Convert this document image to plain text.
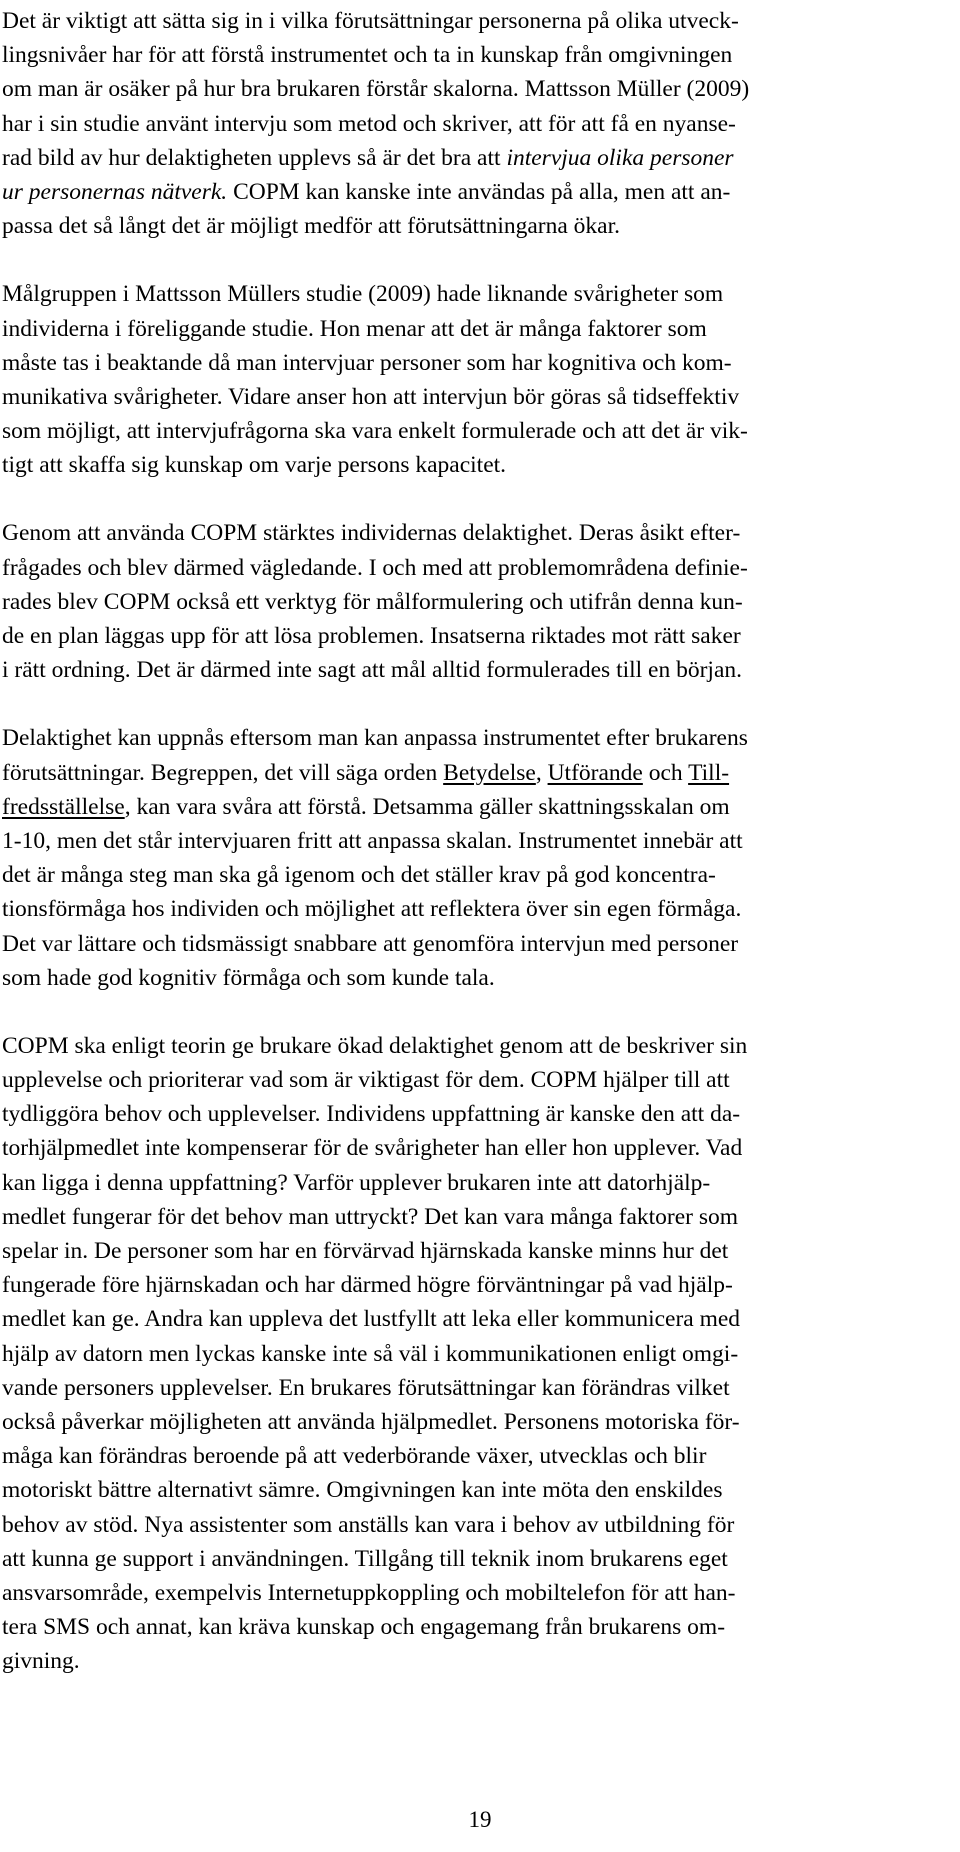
Det är viktigt att sätta sig in i vilka förutsättningar personerna på olika utveck-
lingsnivåer har för att förstå instrumentet och ta in kunskap från omgivningen
om man är osäker på hur bra brukaren förstår skalorna. Mattsson Müller (2009)
har i sin studie använt intervju som metod och skriver, att för att få en nyanse-
rad bild av hur delaktigheten upplevs så är det bra att intervjua olika personer
ur personernas nätverk. COPM kan kanske inte användas på alla, men att an-
passa det så långt det är möjligt medför att förutsättningarna ökar.

Målgruppen i Mattsson Müllers studie (2009) hade liknande svårigheter som
individerna i föreliggande studie. Hon menar att det är många faktorer som
måste tas i beaktande då man intervjuar personer som har kognitiva och kom-
munikativa svårigheter. Vidare anser hon att intervjun bör göras så tidseffektiv
som möjligt, att intervjufrågorna ska vara enkelt formulerade och att det är vik-
tigt att skaffa sig kunskap om varje persons kapacitet.

Genom att använda COPM stärktes individernas delaktighet. Deras åsikt efter-
frågades och blev därmed vägledande. I och med att problemområdena definie-
rades blev COPM också ett verktyg för målformulering och utifrån denna kun-
de en plan läggas upp för att lösa problemen. Insatserna riktades mot rätt saker
i rätt ordning. Det är därmed inte sagt att mål alltid formulerades till en början.

Delaktighet kan uppnås eftersom man kan anpassa instrumentet efter brukarens
förutsättningar. Begreppen, det vill säga orden Betydelse, Utförande och Till-
fredsställelse, kan vara svåra att förstå. Detsamma gäller skattningsskalan om
1-10, men det står intervjuaren fritt att anpassa skalan. Instrumentet innebär att
det är många steg man ska gå igenom och det ställer krav på god koncentra-
tionsförmåga hos individen och möjlighet att reflektera över sin egen förmåga.
Det var lättare och tidsmässigt snabbare att genomföra intervjun med personer
som hade god kognitiv förmåga och som kunde tala.

COPM ska enligt teorin ge brukare ökad delaktighet genom att de beskriver sin
upplevelse och prioriterar vad som är viktigast för dem. COPM hjälper till att
tydliggöra behov och upplevelser. Individens uppfattning är kanske den att da-
torhjälpmedlet inte kompenserar för de svårigheter han eller hon upplever. Vad
kan ligga i denna uppfattning? Varför upplever brukaren inte att datorhjälp-
medlet fungerar för det behov man uttryckt? Det kan vara många faktorer som
spelar in. De personer som har en förvärvad hjärnskada kanske minns hur det
fungerade före hjärnskadan och har därmed högre förväntningar på vad hjälp-
medlet kan ge. Andra kan uppleva det lustfyllt att leka eller kommunicera med
hjälp av datorn men lyckas kanske inte så väl i kommunikationen enligt omgi-
vande personers upplevelser. En brukares förutsättningar kan förändras vilket
också påverkar möjligheten att använda hjälpmedlet. Personens motoriska för-
måga kan förändras beroende på att vederbörande växer, utvecklas och blir
motoriskt bättre alternativt sämre. Omgivningen kan inte möta den enskildes
behov av stöd. Nya assistenter som anställs kan vara i behov av utbildning för
att kunna ge support i användningen. Tillgång till teknik inom brukarens eget
ansvarsområde, exempelvis Internetuppkoppling och mobiltelefon för att han-
tera SMS och annat, kan kräva kunskap och engagemang från brukarens om-
givning.

19
